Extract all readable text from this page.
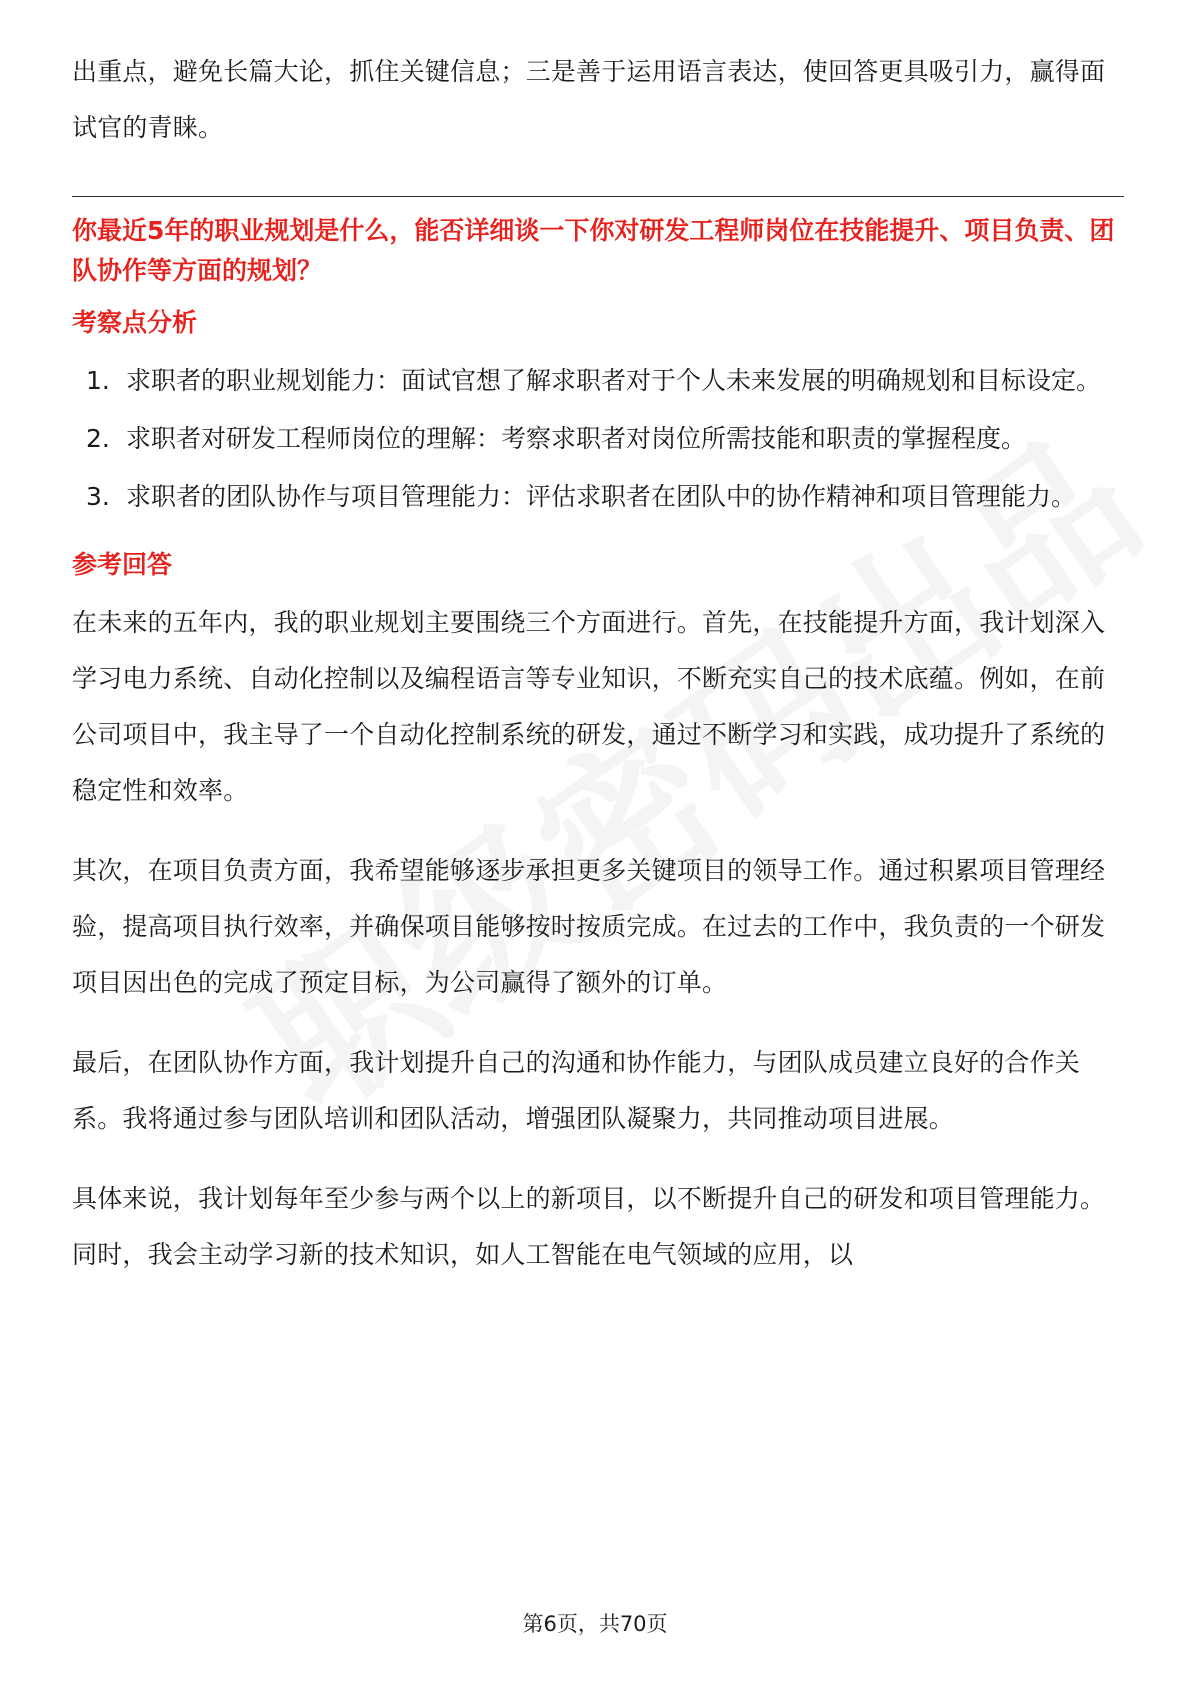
出重点，避免长篇大论，抓住关键信息；三是善于运用语言表达，使回答更具吸引力，赢得面试官的青睐。

你最近5年的职业规划是什么，能否详细谈一下你对研发工程师岗位在技能提升、项目负责、团队协作等方面的规划？

考察点分析
1. 求职者的职业规划能力：面试官想了解求职者对于个人未来发展的明确规划和目标设定。
2. 求职者对研发工程师岗位的理解：考察求职者对岗位所需技能和职责的掌握程度。
3. 求职者的团队协作与项目管理能力：评估求职者在团队中的协作精神和项目管理能力。
参考回答

在未来的五年内，我的职业规划主要围绕三个方面进行。首先，在技能提升方面，我计划深入学习电力系统、自动化控制以及编程语言等专业知识，不断充实自己的技术底蕴。例如，在前公司项目中，我主导了一个自动化控制系统的研发，通过不断学习和实践，成功提升了系统的稳定性和效率。

其次，在项目负责方面，我希望能够逐步承担更多关键项目的领导工作。通过积累项目管理经验，提高项目执行效率，并确保项目能够按时按质完成。在过去的工作中，我负责的一个研发项目因出色的完成了预定目标，为公司赢得了额外的订单。

最后，在团队协作方面，我计划提升自己的沟通和协作能力，与团队成员建立良好的合作关系。我将通过参与团队培训和团队活动，增强团队凝聚力，共同推动项目进展。

具体来说，我计划每年至少参与两个以上的新项目，以不断提升自己的研发和项目管理能力。同时，我会主动学习新的技术知识，如人工智能在电气领域的应用，以

第6页，共70页
